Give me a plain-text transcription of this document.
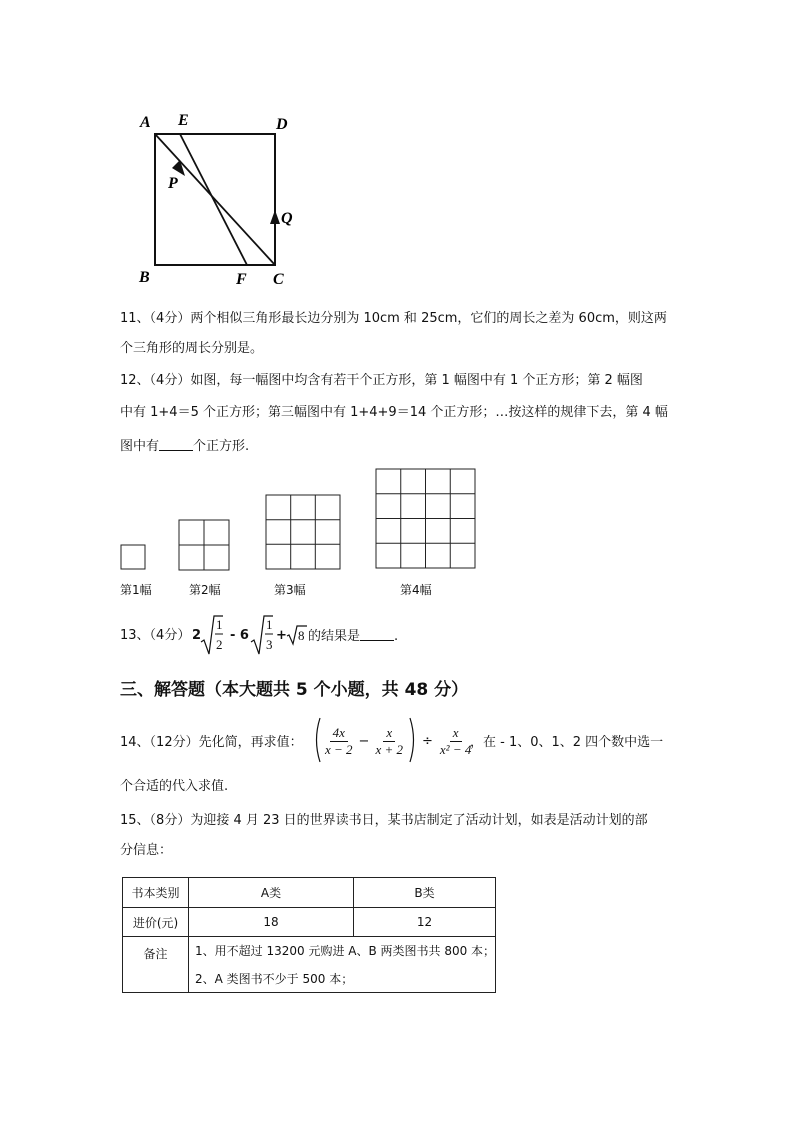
A E	D
P
Q
B	F C
11、（4分）两个相似三角形最长边分别为 10cm 和 25cm，它们的周长之差为 60cm，则这两
个三角形的周长分别是。
12、（4分）如图，每一幅图中均含有若干个正方形，第 1 幅图中有 1 个正方形；第 2 幅图
中有 1+4＝5 个正方形；第三幅图中有 1+4+9＝14 个正方形；…按这样的规律下去，第 4 幅
图中有	个正方形.
第1幅	第2幅	第3幅	第4幅
13、（4分） 2
1
2
- 6
1
3
+ 8 的结果是	.
三、解答题（本大题共 5 个小题，共 48 分）
14、（12分）先化简，再求值： $\frac{4x}{x - 2} - \frac{x}{x + 2} \div \frac{x}{\text{x² − 4}}$
，在 - 1、0、1、2 四个数中选一
个合适的代入求值.
15、（8分）为迎接 4 月 23 日的世界读书日，某书店制定了活动计划，如表是活动计划的部
分信息：
书本类别	A类	B类
进价(元)	18	12
备注	1、用不超过 13200 元购进 A、B 两类图书共 800 本；	
	2、A 类图书不少于 500 本；	
